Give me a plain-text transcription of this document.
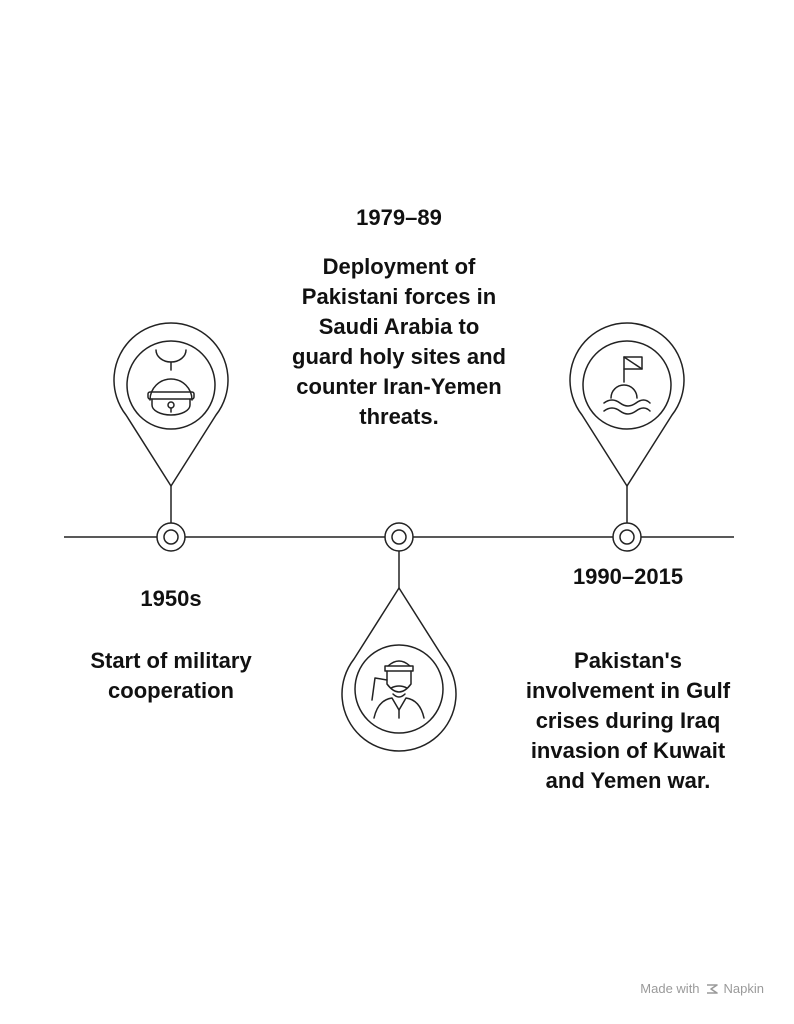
1950s
Start of military cooperation
1979–89
Deployment of Pakistani forces in Saudi Arabia to guard holy sites and counter Iran-Yemen threats.
1990–2015
Pakistan's involvement in Gulf crises during Iraq invasion of Kuwait and Yemen war.
Made with Napkin
